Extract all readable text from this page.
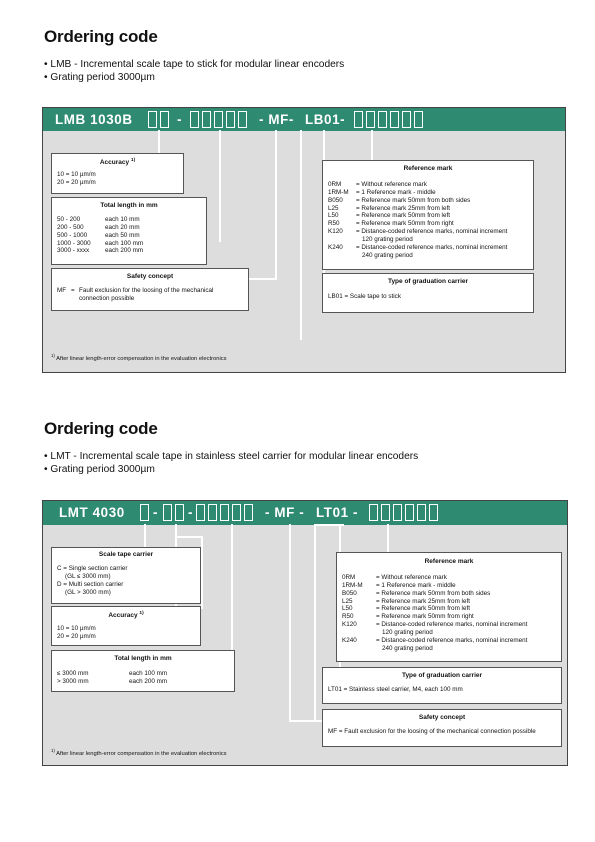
Ordering code
• LMB - Incremental scale tape to stick for modular linear encoders
• Grating period 3000µm
LMB 1030B	-	- MF- LB01-
Accuracy $^{1)}$
10 = 10 µm/m
20 = 20 µm/m
Total length in mm
50 - 200	each 10 mm
200 - 500	each 20 mm
500 - 1000	each 50 mm
1000 - 3000 each 100 mm
3000 - xxxx	each 200 mm
Safety concept
MF = Fault exclusion for the loosing of the mechanical
connection possible
Reference mark
0RM = Without reference mark
1RM-M = 1 Reference mark - middle
B050 = Reference mark 50mm from both sides
L25	= Reference mark 25mm from left
L50	= Reference mark 50mm from left
R50	= Reference mark 50mm from right
K120 = Distance-coded reference marks, nominal increment
120 grating period
K240 = Distance-coded reference marks, nominal increment
240 grating period
Type of graduation carrier
LB01 = Scale tape to stick
$^{1)}$ After linear length-error compensation in the evaluation electronics
Ordering code
• LMT - Incremental scale tape in stainless steel carrier for modular linear encoders
• Grating period 3000µm
LMT 4030 - -	- MF - LT01 -
Scale tape carrier
C = Single section carrier
(GL ≤ 3000 mm)
D = Multi section carrier
(GL > 3000 mm)
Accuracy $^{1)}$
10 = 10 µm/m
20 = 20 µm/m
Total length in mm
≤ 3000 mm	each 100 mm
> 3000 mm	each 200 mm
Reference mark
0RM	= Without reference mark
1RM-M = 1 Reference mark - middle
B050	= Reference mark 50mm from both sides
L25	= Reference mark 25mm from left
L50	= Reference mark 50mm from left
R50	= Reference mark 50mm from right
K120	= Distance-coded reference marks, nominal increment
120 grating period
K240	= Distance-coded reference marks, nominal increment
240 grating period
Type of graduation carrier
LT01 = Stainless steel carrier, M4, each 100 mm
Safety concept
MF = Fault exclusion for the loosing of the mechanical connection possible
$^{1)}$ After linear length-error compensation in the evaluation electronics
